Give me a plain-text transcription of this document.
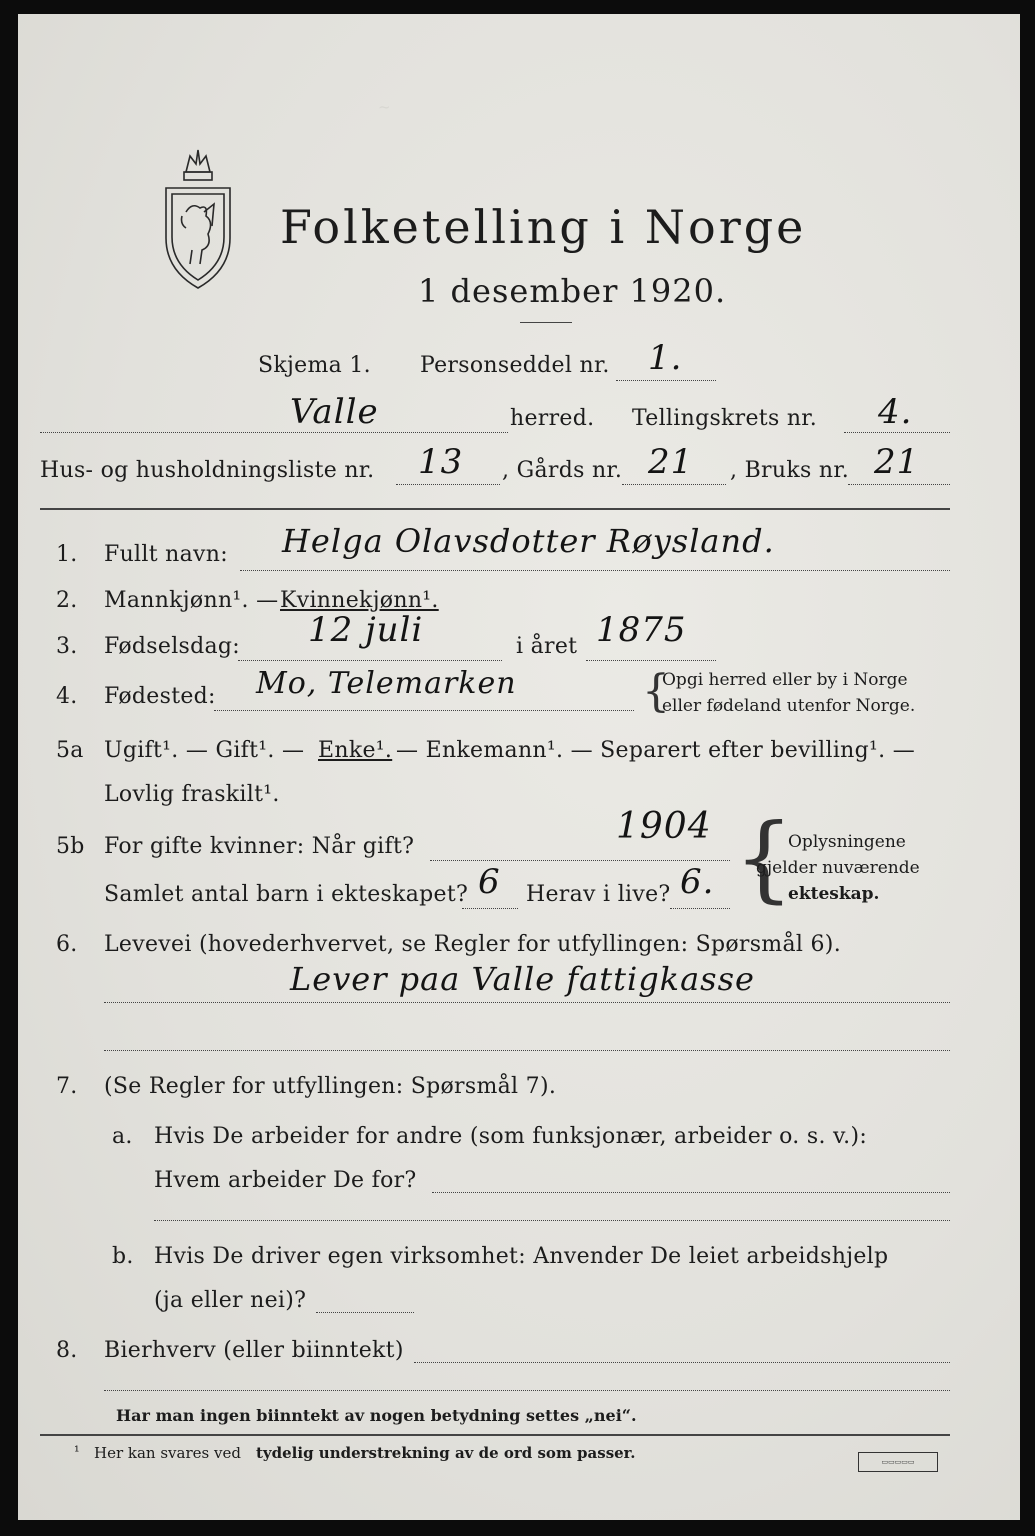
Folketelling i Norge
1 desember 1920.
~
Skjema 1. Personseddel nr. 1.
Valle	herred. Tellingskrets nr. 4.
Hus- og husholdningsliste nr. 13 , Gårds nr. 21 , Bruks nr. 21
1. Fullt navn: Helga Olavsdotter Røysland.
2. Mannkjønn¹. — Kvinnekjønn¹.
3. Fødselsdag: 12 juli	i året 1875
4. Fødested: Mo, Telemarken	{
Opgi herred eller by i Norge
eller fødeland utenfor Norge.
5a Ugift¹. — Gift¹. — Enke¹. — Enkemann¹. — Separert efter bevilling¹. —
Lovlig fraskilt¹.
5b For gifte kvinner: Når gift?	1904
Samlet antal barn i ekteskapet? 6 Herav i live? 6. {
Oplysningene
gjelder nuværende
ekteskap.
6. Levevei (hovederhvervet, se Regler for utfyllingen: Spørsmål 6).
Lever paa Valle fattigkasse
7. (Se Regler for utfyllingen: Spørsmål 7).
a. Hvis De arbeider for andre (som funksjonær, arbeider o. s. v.):
Hvem arbeider De for?
b. Hvis De driver egen virksomhet: Anvender De leiet arbeidshjelp
(ja eller nei)?
8. Bierhverv (eller biinntekt)
Har man ingen biinntekt av nogen betydning settes „nei“.
¹ Her kan svares ved tydelig understrekning av de ord som passer.	▭▭▭▭▭
